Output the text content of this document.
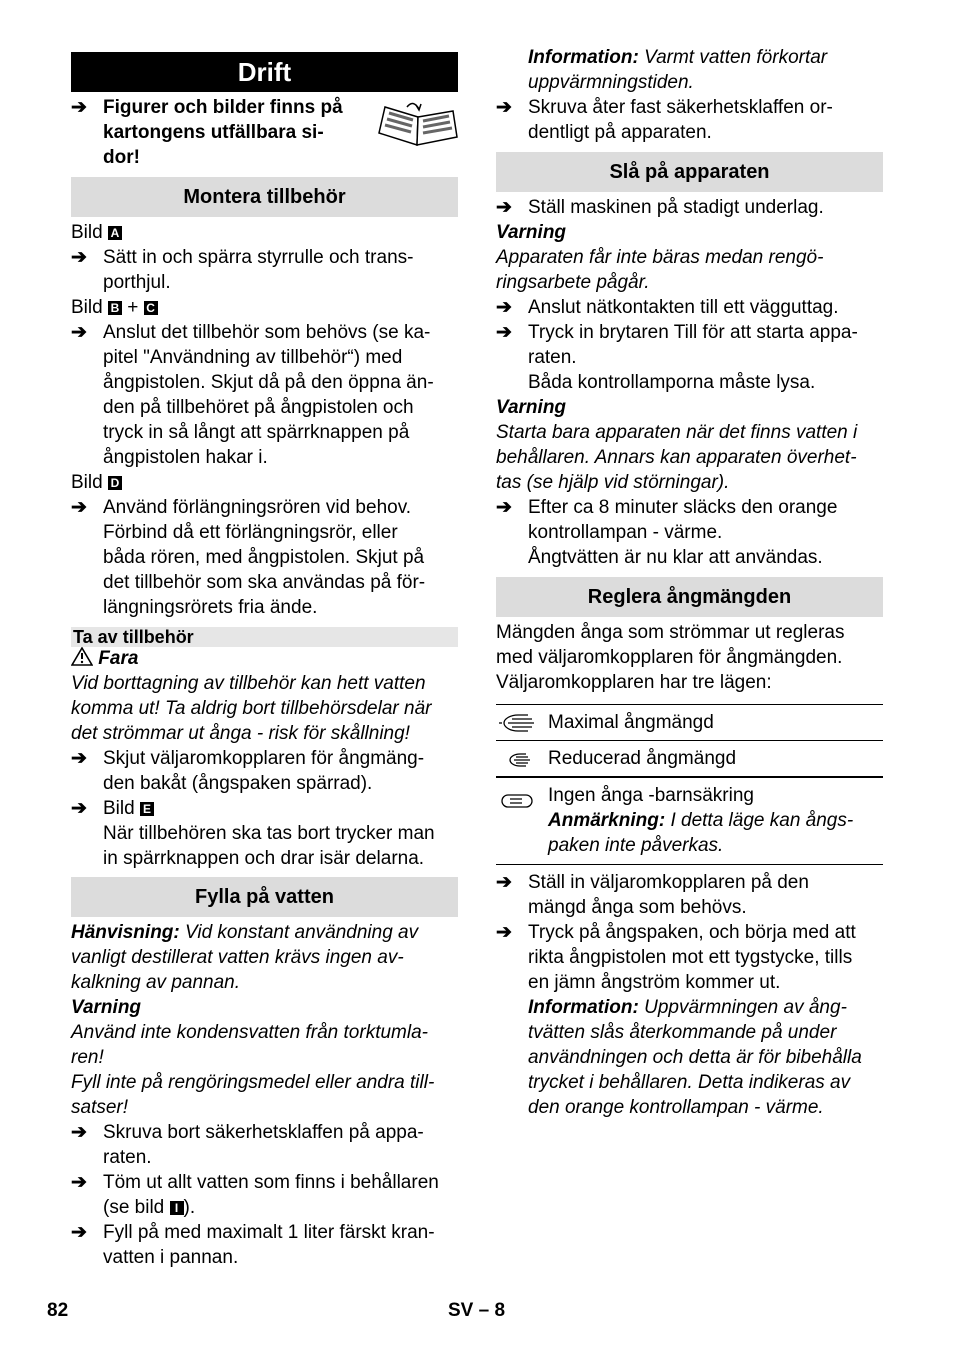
Drift
➔ Figurer och bilder finns på
kartongens utfällbara si-
dor!
Montera tillbehör
Bild A
➔ Sätt in och spärra styrrulle och trans-
porthjul.
Bild B + C
➔ Anslut det tillbehör som behövs (se ka-
pitel "Användning av tillbehör“) med
ångpistolen. Skjut då på den öppna än-
den på tillbehöret på ångpistolen och
tryck in så långt att spärrknappen på
ångpistolen hakar i.
Bild D
➔ Använd förlängningsrören vid behov.
Förbind då ett förlängningsrör, eller
båda rören, med ångpistolen. Skjut på
det tillbehör som ska användas på för-
längningsrörets fria ände.
Ta av tillbehör
Fara
Vid borttagning av tillbehör kan hett vatten
komma ut! Ta aldrig bort tillbehörsdelar när
det strömmar ut ånga - risk för skållning!
➔ Skjut väljaromkopplaren för ångmäng-
den bakåt (ångspaken spärrad).
➔ Bild E
När tillbehören ska tas bort trycker man
in spärrknappen och drar isär delarna.
Fylla på vatten
Hänvisning: Vid konstant användning av
vanligt destillerat vatten krävs ingen av-
kalkning av pannan.
Varning
Använd inte kondensvatten från torktumla-
ren!
Fyll inte på rengöringsmedel eller andra till-
satser!
➔ Skruva bort säkerhetsklaffen på appa-
raten.
➔ Töm ut allt vatten som finns i behållaren
(se bild I ).
➔ Fyll på med maximalt 1 liter färskt kran-
vatten i pannan.
Information: Varmt vatten förkortar
uppvärmningstiden.
➔ Skruva åter fast säkerhetsklaffen or-
dentligt på apparaten.
Slå på apparaten
➔ Ställ maskinen på stadigt underlag.
Varning
Apparaten får inte bäras medan rengö-
ringsarbete pågår.
➔ Anslut nätkontakten till ett vägguttag.
➔ Tryck in brytaren Till för att starta appa-
raten.
Båda kontrollamporna måste lysa.
Varning
Starta bara apparaten när det finns vatten i
behållaren. Annars kan apparaten överhet-
tas (se hjälp vid störningar).
➔ Efter ca 8 minuter släcks den orange
kontrollampan - värme.
Ångtvätten är nu klar att användas.
Reglera ångmängden
Mängden ånga som strömmar ut regleras
med väljaromkopplaren för ångmängden.
Väljaromkopplaren har tre lägen:
Maximal ångmängd
Reducerad ångmängd
Ingen ånga -barnsäkring
Anmärkning: I detta läge kan ångs-
paken inte påverkas.
➔ Ställ in väljaromkopplaren på den
mängd ånga som behövs.
➔ Tryck på ångspaken, och börja med att
rikta ångpistolen mot ett tygstycke, tills
en jämn ångström kommer ut.
Information: Uppvärmningen av ång-
tvätten slås återkommande på under
användningen och detta är för bibehålla
trycket i behållaren. Detta indikeras av
den orange kontrollampan - värme.
82	SV – 8
